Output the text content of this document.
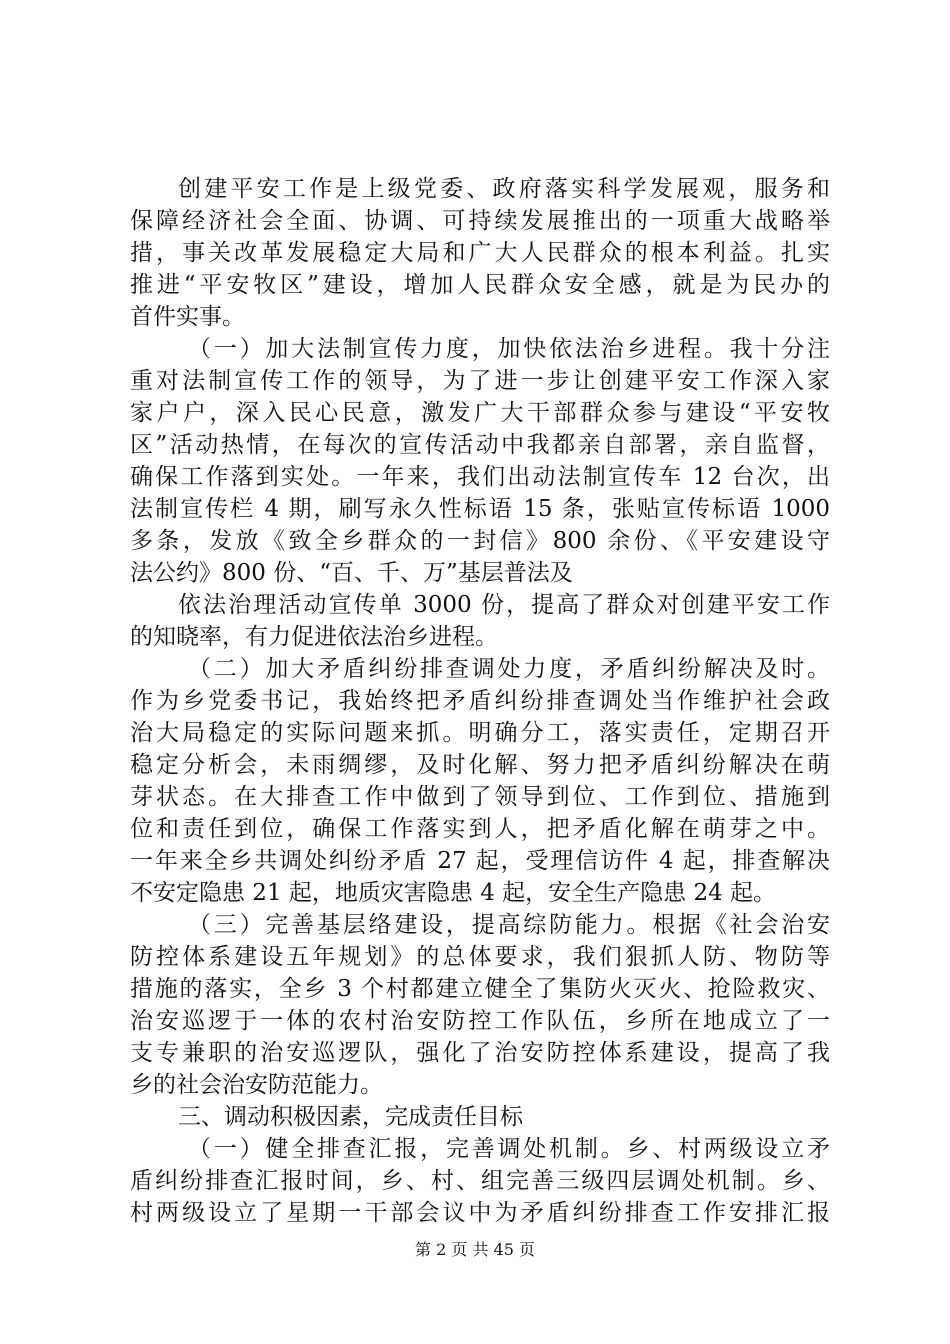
创建平安工作是上级党委、政府落实科学发展观，服务和
保障经济社会全面、协调、可持续发展推出的一项重大战略举
措，事关改革发展稳定大局和广大人民群众的根本利益。扎实
推进“平安牧区”建设，增加人民群众安全感，就是为民办的
首件实事。
（一）加大法制宣传力度，加快依法治乡进程。我十分注
重对法制宣传工作的领导，为了进一步让创建平安工作深入家
家户户，深入民心民意，激发广大干部群众参与建设“平安牧
区”活动热情，在每次的宣传活动中我都亲自部署，亲自监督，
确保工作落到实处。一年来，我们出动法制宣传车 12 台次，出
法制宣传栏 4 期，刷写永久性标语 15 条，张贴宣传标语 1000
多条，发放《致全乡群众的一封信》800 余份、《平安建设守
法公约》800 份、“百、千、万”基层普法及
依法治理活动宣传单 3000 份，提高了群众对创建平安工作
的知晓率，有力促进依法治乡进程。
（二）加大矛盾纠纷排查调处力度，矛盾纠纷解决及时。
作为乡党委书记，我始终把矛盾纠纷排查调处当作维护社会政
治大局稳定的实际问题来抓。明确分工，落实责任，定期召开
稳定分析会，未雨绸缪，及时化解、努力把矛盾纠纷解决在萌
芽状态。在大排查工作中做到了领导到位、工作到位、措施到
位和责任到位，确保工作落实到人，把矛盾化解在萌芽之中。
一年来全乡共调处纠纷矛盾 27 起，受理信访件 4 起，排查解决
不安定隐患 21 起，地质灾害隐患 4 起，安全生产隐患 24 起。
（三）完善基层络建设，提高综防能力。根据《社会治安
防控体系建设五年规划》的总体要求，我们狠抓人防、物防等
措施的落实，全乡 3 个村都建立健全了集防火灭火、抢险救灾、
治安巡逻于一体的农村治安防控工作队伍，乡所在地成立了一
支专兼职的治安巡逻队，强化了治安防控体系建设，提高了我
乡的社会治安防范能力。
三、调动积极因素，完成责任目标
（一）健全排查汇报，完善调处机制。乡、村两级设立矛
盾纠纷排查汇报时间，乡、村、组完善三级四层调处机制。乡、
村两级设立了星期一干部会议中为矛盾纠纷排查工作安排汇报
第 2 页 共 45 页
